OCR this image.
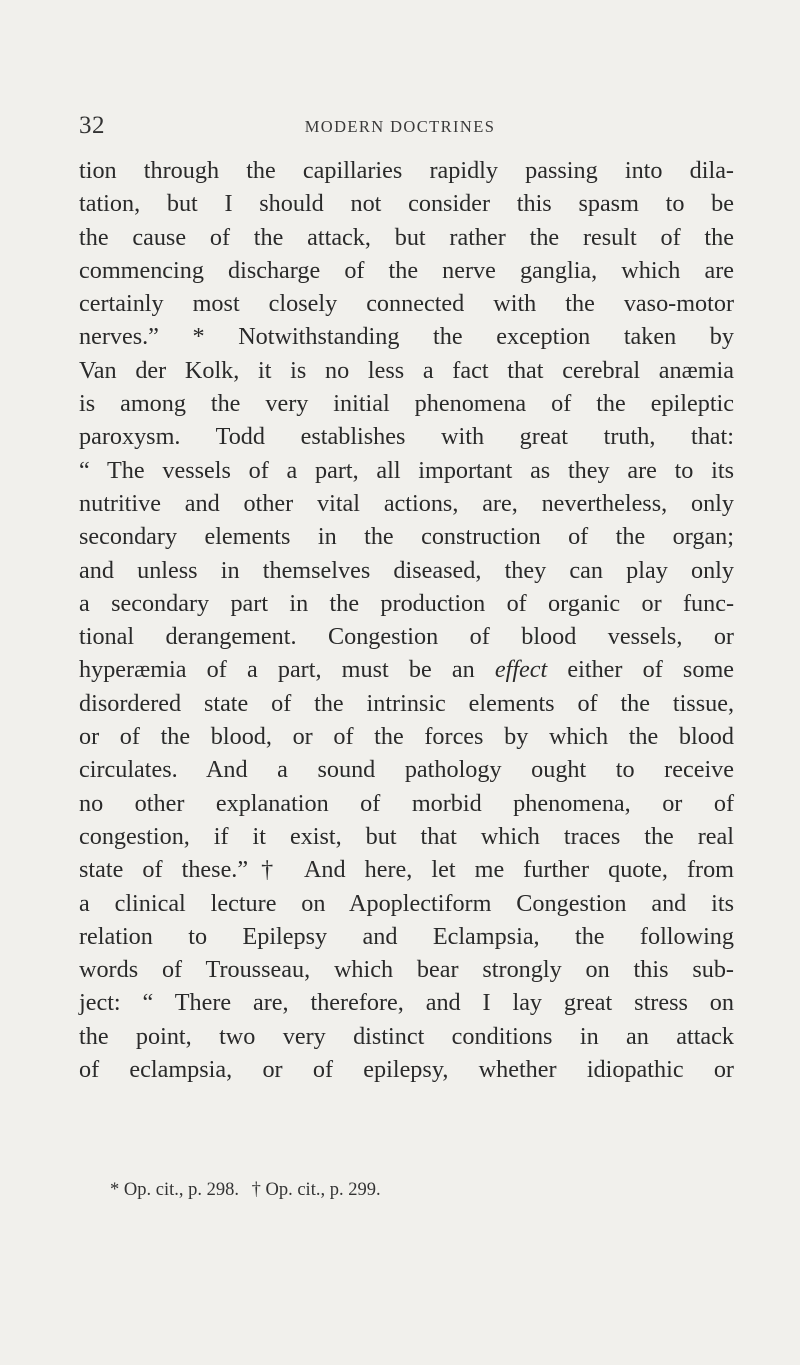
32	MODERN DOCTRINES
tion through the capillaries rapidly passing into dila-
tation, but I should not consider this spasm to be
the cause of the attack, but rather the result of the
commencing discharge of the nerve ganglia, which are
certainly most closely connected with the vaso-motor
nerves.” * Notwithstanding the exception taken by
Van der Kolk, it is no less a fact that cerebral anæmia
is among the very initial phenomena of the epileptic
paroxysm. Todd establishes with great truth, that:
“ The vessels of a part, all important as they are to its
nutritive and other vital actions, are, nevertheless, only
secondary elements in the construction of the organ;
and unless in themselves diseased, they can play only
a secondary part in the production of organic or func-
tional derangement. Congestion of blood vessels, or
hyperæmia of a part, must be an effect either of some
disordered state of the intrinsic elements of the tissue,
or of the blood, or of the forces by which the blood
circulates. And a sound pathology ought to receive
no other explanation of morbid phenomena, or of
congestion, if it exist, but that which traces the real
state of these.”† And here, let me further quote, from
a clinical lecture on Apoplectiform Congestion and its
relation to Epilepsy and Eclampsia, the following
words of Trousseau, which bear strongly on this sub-
ject: “ There are, therefore, and I lay great stress on
the point, two very distinct conditions in an attack
of eclampsia, or of epilepsy, whether idiopathic or
* Op. cit., p. 298. † Op. cit., p. 299.
